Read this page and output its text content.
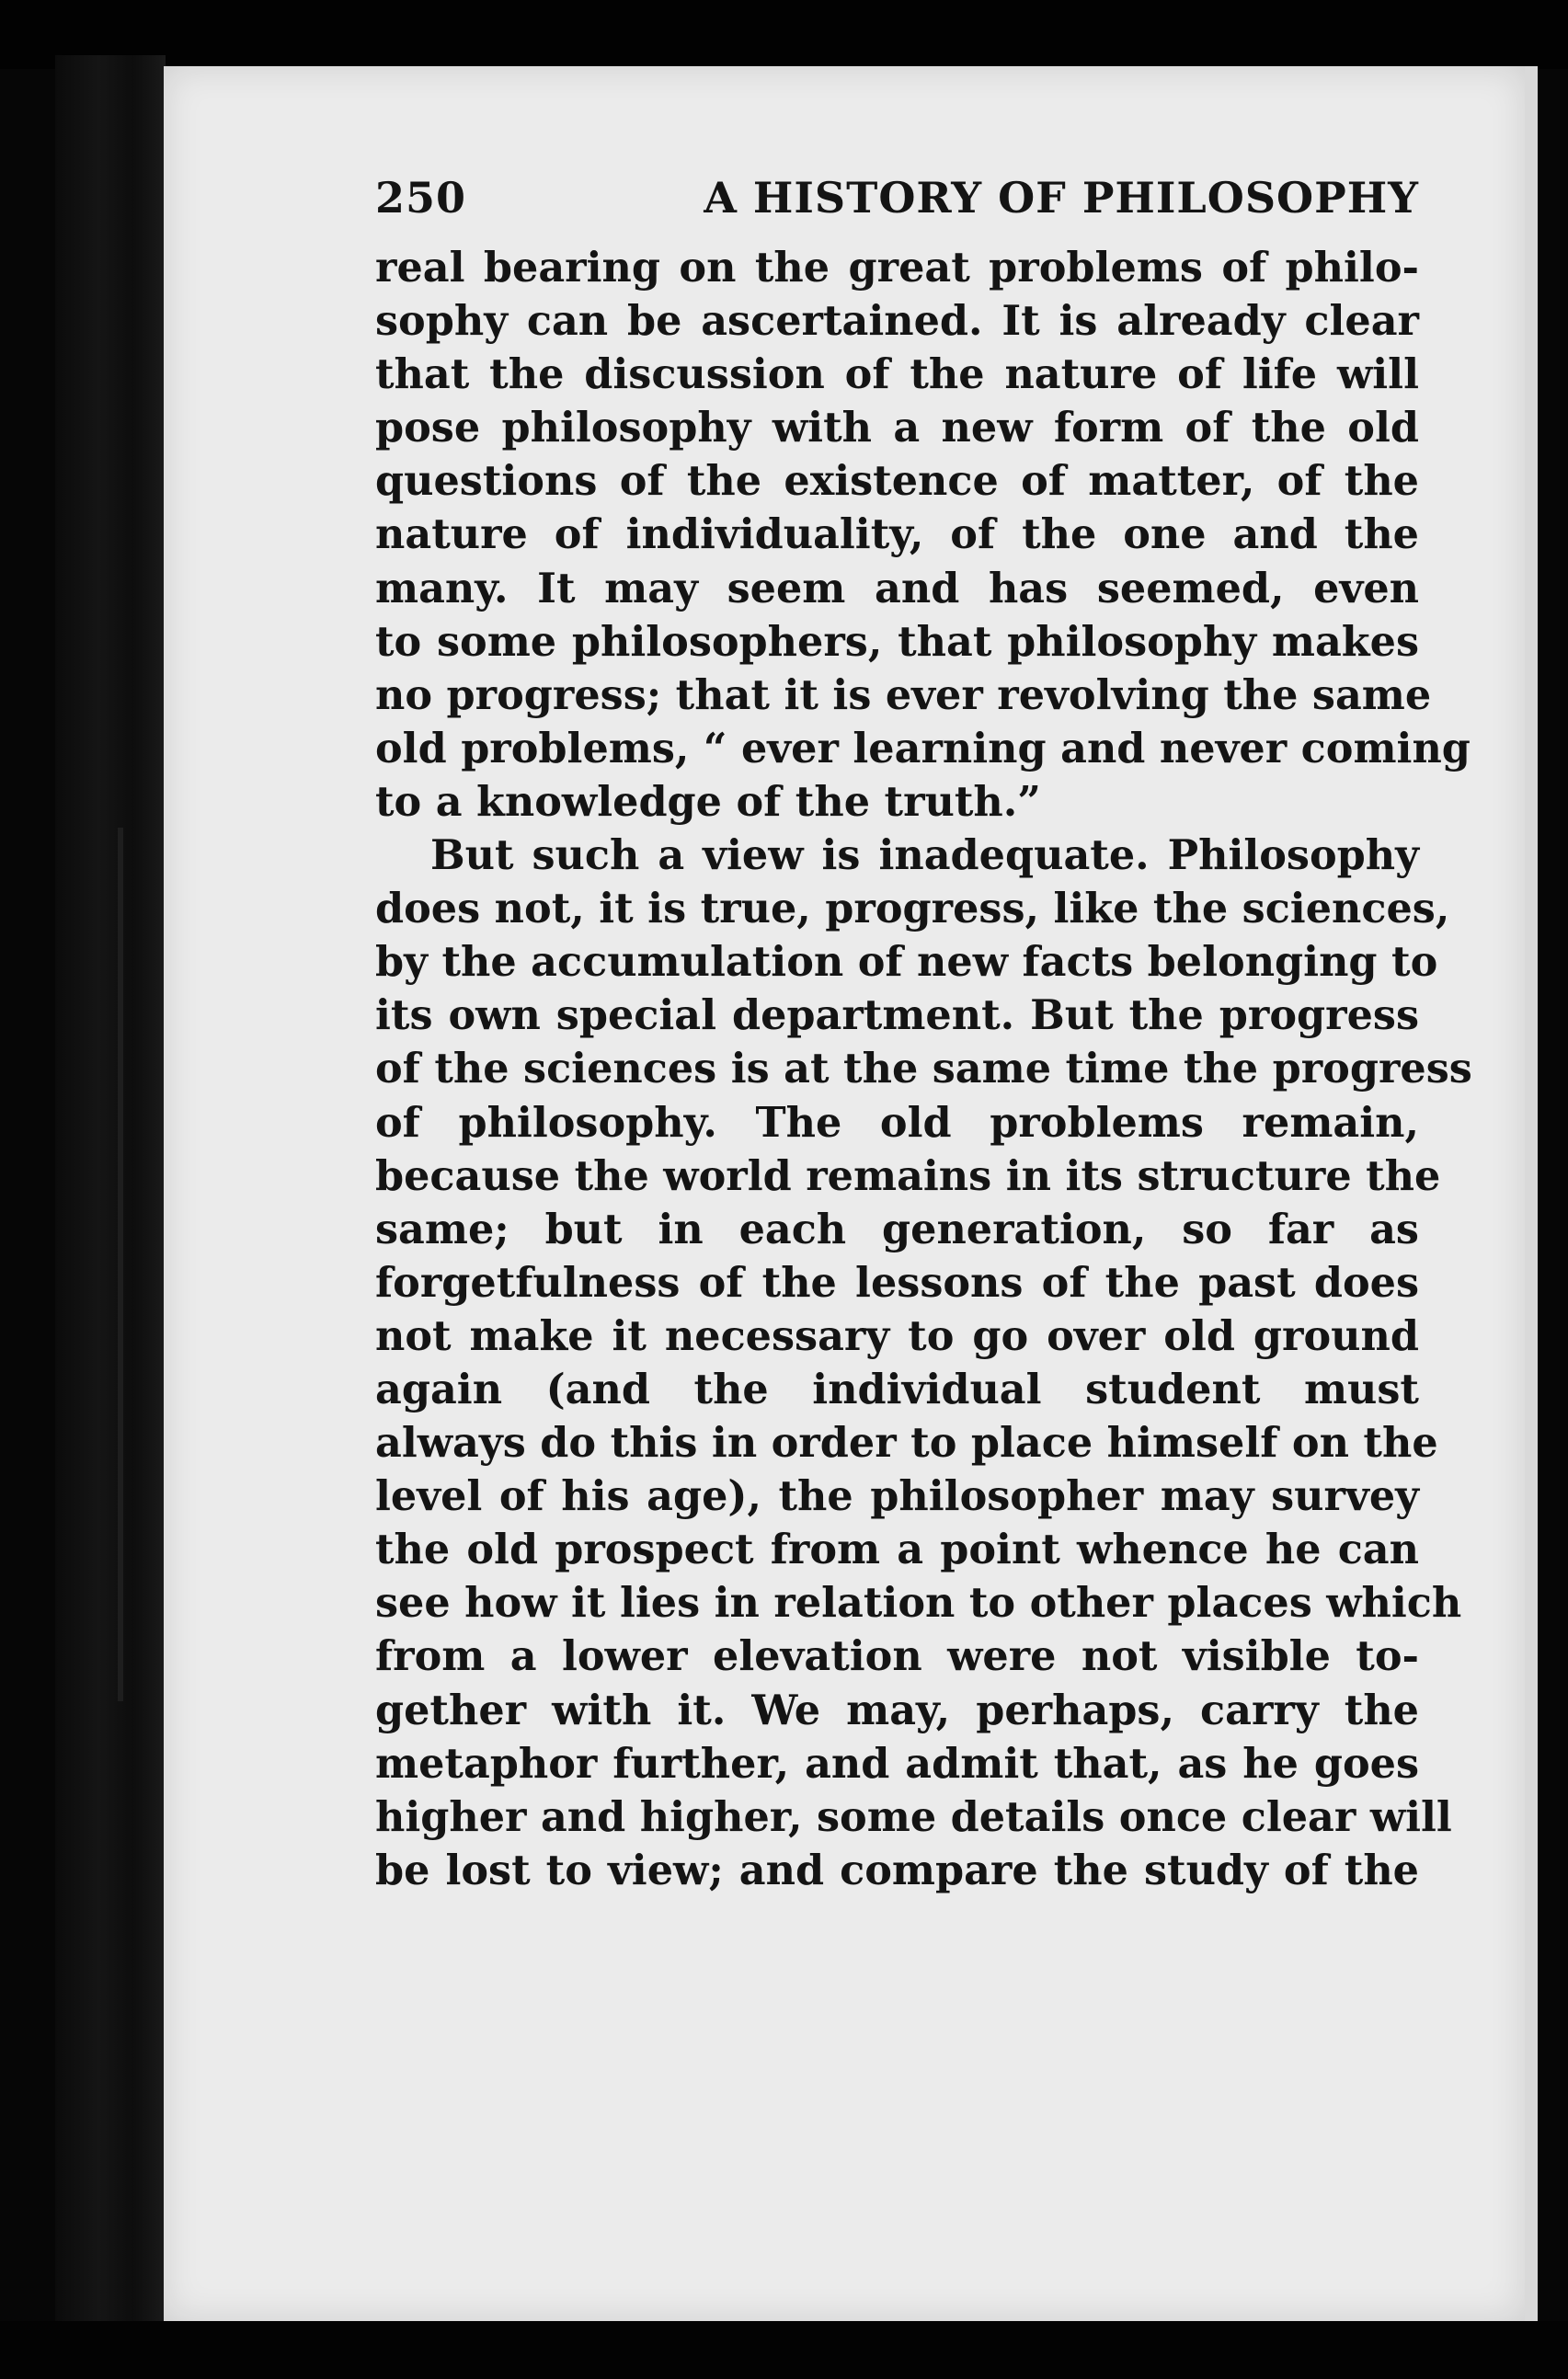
250	A HISTORY OF PHILOSOPHY
real bearing on the great problems of philo-
sophy can be ascertained. It is already clear
that the discussion of the nature of life will
pose philosophy with a new form of the old
questions of the existence of matter, of the
nature of individuality, of the one and the
many. It may seem and has seemed, even
to some philosophers, that philosophy makes
no progress; that it is ever revolving the same
old problems, “ ever learning and never coming
to a knowledge of the truth.”
But such a view is inadequate. Philosophy
does not, it is true, progress, like the sciences,
by the accumulation of new facts belonging to
its own special department. But the progress
of the sciences is at the same time the progress
of philosophy. The old problems remain,
because the world remains in its structure the
same; but in each generation, so far as
forgetfulness of the lessons of the past does
not make it necessary to go over old ground
again (and the individual student must
always do this in order to place himself on the
level of his age), the philosopher may survey
the old prospect from a point whence he can
see how it lies in relation to other places which
from a lower elevation were not visible to-
gether with it. We may, perhaps, carry the
metaphor further, and admit that, as he goes
higher and higher, some details once clear will
be lost to view; and compare the study of the
